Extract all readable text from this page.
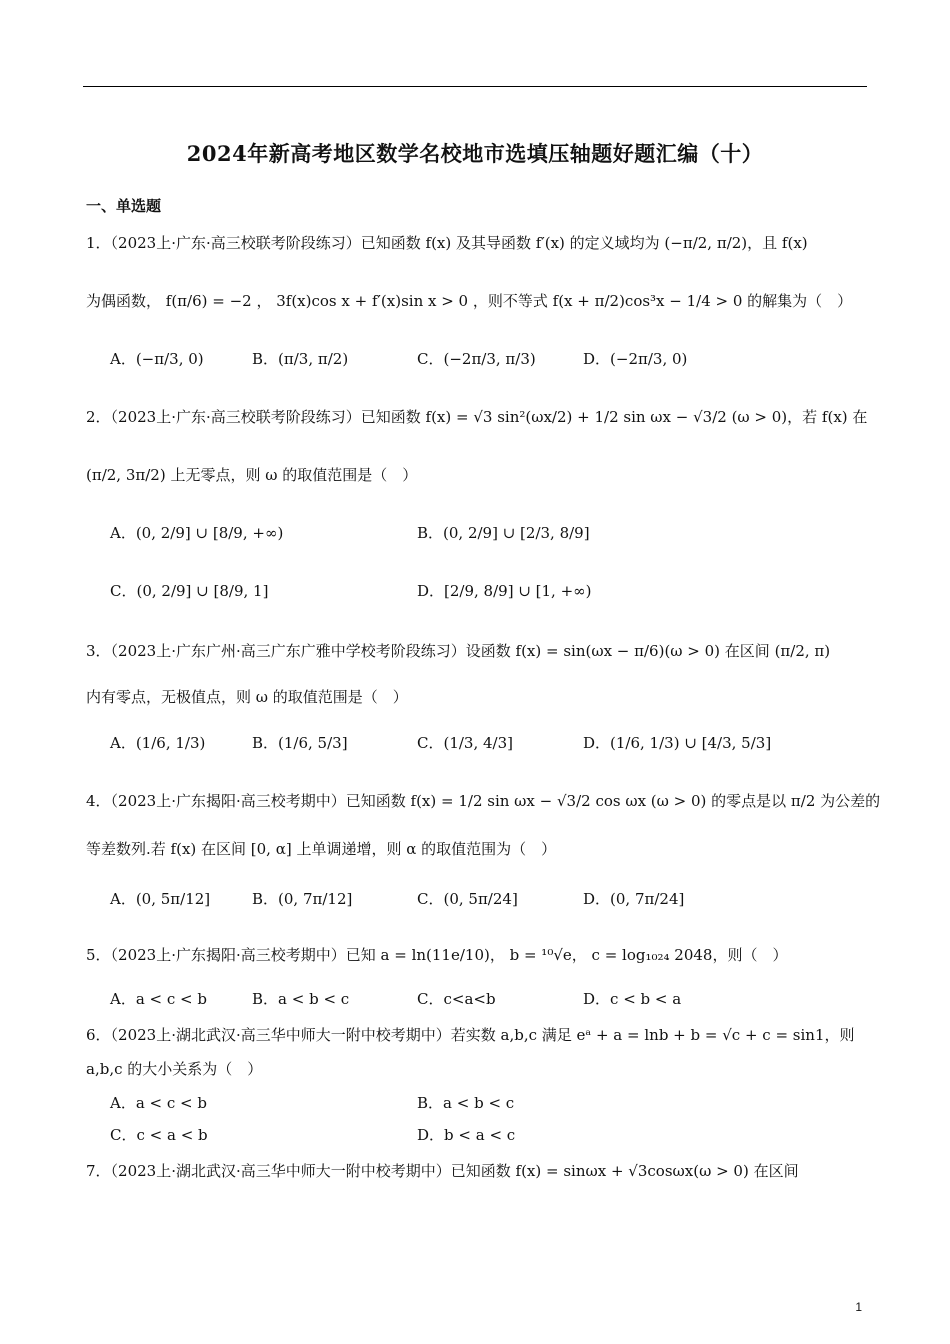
2024年新高考地区数学名校地市选填压轴题好题汇编（十）
一、单选题
1．（2023上·广东·高三校联考阶段练习）已知函数 f(x) 及其导函数 f′(x) 的定义域均为 (−π/2, π/2)，且 f(x)
为偶函数， f(π/6) = −2 ， 3f(x)cos x + f′(x)sin x > 0 ，则不等式 f(x + π/2)cos³x − 1/4 > 0 的解集为（　）
A．(−π/3, 0)	B．(π/3, π/2)	C．(−2π/3, π/3)	D．(−2π/3, 0)
2．（2023上·广东·高三校联考阶段练习）已知函数 f(x) = √3 sin²(ωx/2) + 1/2 sin ωx − √3/2 (ω > 0)，若 f(x) 在
(π/2, 3π/2) 上无零点，则 ω 的取值范围是（　）
A．(0, 2/9] ∪ [8/9, +∞)	B．(0, 2/9] ∪ [2/3, 8/9]
C．(0, 2/9] ∪ [8/9, 1]	D．[2/9, 8/9] ∪ [1, +∞)
3．（2023上·广东广州·高三广东广雅中学校考阶段练习）设函数 f(x) = sin(ωx − π/6)(ω > 0) 在区间 (π/2, π)
内有零点，无极值点，则 ω 的取值范围是（　）
A．(1/6, 1/3)	B．(1/6, 5/3]	C．(1/3, 4/3]	D．(1/6, 1/3) ∪ [4/3, 5/3]
4．（2023上·广东揭阳·高三校考期中）已知函数 f(x) = 1/2 sin ωx − √3/2 cos ωx (ω > 0) 的零点是以 π/2 为公差的
等差数列.若 f(x) 在区间 [0, α] 上单调递增，则 α 的取值范围为（　）
A．(0, 5π/12]	B．(0, 7π/12]	C．(0, 5π/24]	D．(0, 7π/24]
5．（2023上·广东揭阳·高三校考期中）已知 a = ln(11e/10)， b = ¹⁰√e， c = log₁₀₂₄ 2048，则（　）
A．a < c < b	B．a < b < c	C．c<a<b	D．c < b < a
6．（2023上·湖北武汉·高三华中师大一附中校考期中）若实数 a,b,c 满足 eᵃ + a = lnb + b = √c + c = sin1，则
a,b,c 的大小关系为（　）
A．a < c < b	B．a < b < c
C．c < a < b	D．b < a < c
7．（2023上·湖北武汉·高三华中师大一附中校考期中）已知函数 f(x) = sinωx + √3cosωx(ω > 0) 在区间
1
